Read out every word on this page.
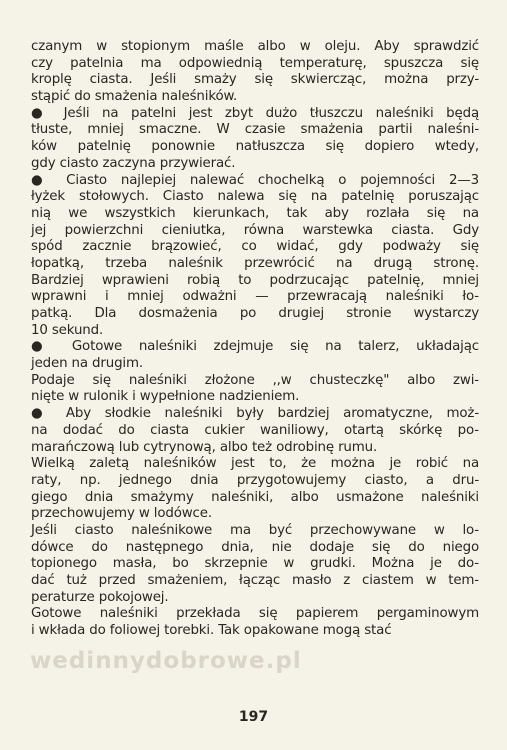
czanym w stopionym maśle albo w oleju. Aby sprawdzić
czy patelnia ma odpowiednią temperaturę, spuszcza się
kroplę ciasta. Jeśli smaży się skwiercząc, można przy-
stąpić do smażenia naleśników.
● Jeśli na patelni jest zbyt dużo tłuszczu naleśniki będą
tłuste, mniej smaczne. W czasie smażenia partii naleśni-
ków patelnię ponownie natłuszcza się dopiero wtedy,
gdy ciasto zaczyna przywierać.
● Ciasto najlepiej nalewać chochelką o pojemności 2—3
łyżek stołowych. Ciasto nalewa się na patelnię poruszając
nią we wszystkich kierunkach, tak aby rozlała się na
jej powierzchni cieniutka, równa warstewka ciasta. Gdy
spód zacznie brązowieć, co widać, gdy podważy się
łopatką, trzeba naleśnik przewrócić na drugą stronę.
Bardziej wprawieni robią to podrzucając patelnię, mniej
wprawni i mniej odważni — przewracają naleśniki ło-
patką. Dla dosmażenia po drugiej stronie wystarczy
10 sekund.
● Gotowe naleśniki zdejmuje się na talerz, układając
jeden na drugim.
Podaje się naleśniki złożone ,,w chusteczkę" albo zwi-
nięte w rulonik i wypełnione nadzieniem.
● Aby słodkie naleśniki były bardziej aromatyczne, moż-
na dodać do ciasta cukier waniliowy, otartą skórkę po-
marańczową lub cytrynową, albo też odrobinę rumu.
Wielką zaletą naleśników jest to, że można je robić na
raty, np. jednego dnia przygotowujemy ciasto, a dru-
giego dnia smażymy naleśniki, albo usmażone naleśniki
przechowujemy w lodówce.
Jeśli ciasto naleśnikowe ma być przechowywane w lo-
dówce do następnego dnia, nie dodaje się do niego
topionego masła, bo skrzepnie w grudki. Można je do-
dać tuż przed smażeniem, łącząc masło z ciastem w tem-
peraturze pokojowej.
Gotowe naleśniki przekłada się papierem pergaminowym
i wkłada do foliowej torebki. Tak opakowane mogą stać
wedinnydobrowe.pl
197
